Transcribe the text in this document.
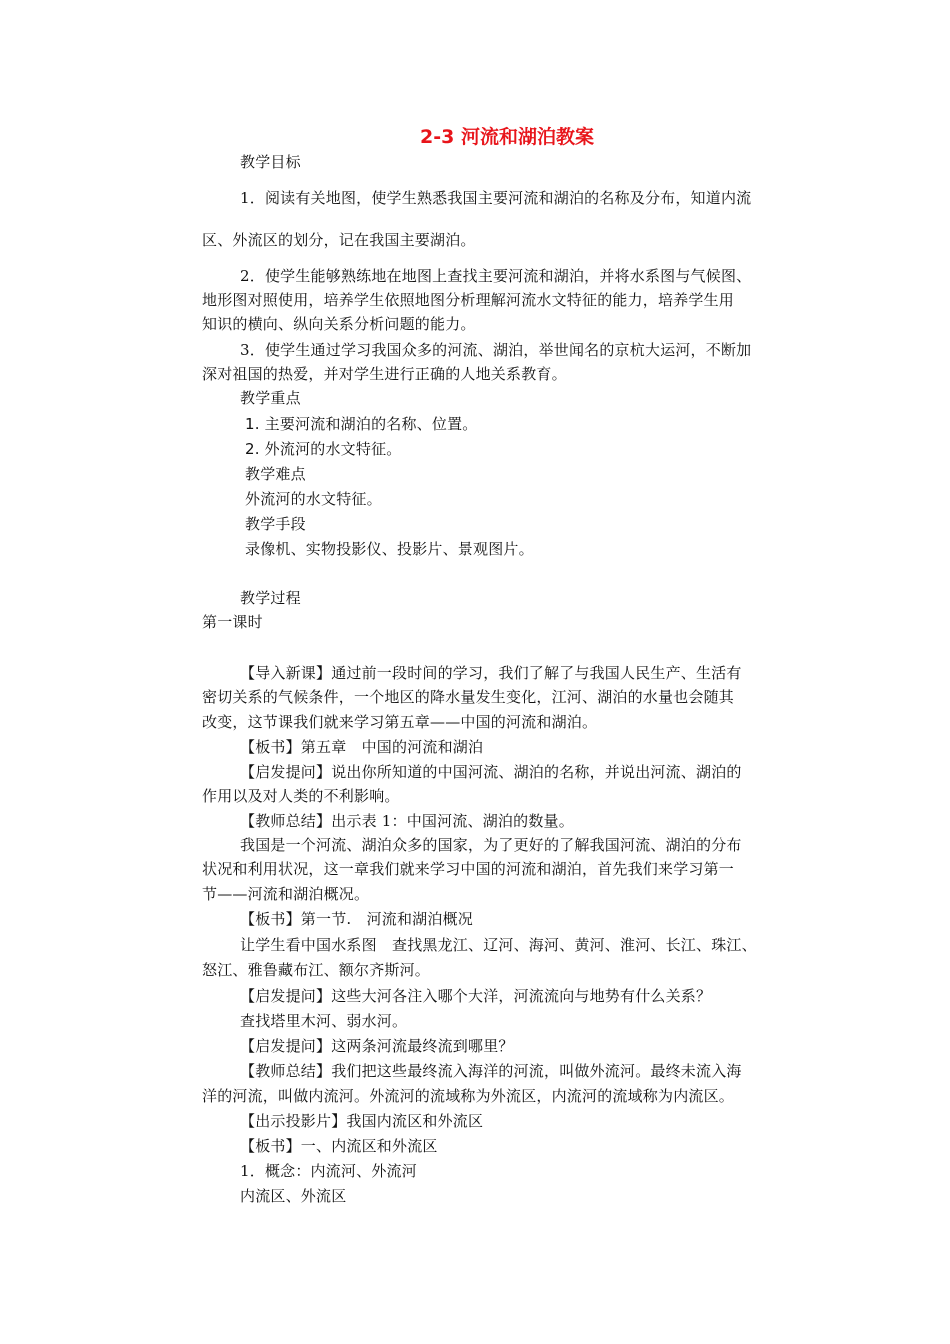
2-3 河流和湖泊教案
教学目标
1．阅读有关地图，使学生熟悉我国主要河流和湖泊的名称及分布，知道内流
区、外流区的划分，记在我国主要湖泊。
2．使学生能够熟练地在地图上查找主要河流和湖泊，并将水系图与气候图、
地形图对照使用，培养学生依照地图分析理解河流水文特征的能力，培养学生用
知识的横向、纵向关系分析问题的能力。
3．使学生通过学习我国众多的河流、湖泊，举世闻名的京杭大运河，不断加
深对祖国的热爱，并对学生进行正确的人地关系教育。
教学重点
1. 主要河流和湖泊的名称、位置。
2. 外流河的水文特征。
教学难点
外流河的水文特征。
教学手段
录像机、实物投影仪、投影片、景观图片。
教学过程
第一课时
【导入新课】通过前一段时间的学习，我们了解了与我国人民生产、生活有
密切关系的气候条件，一个地区的降水量发生变化，江河、湖泊的水量也会随其
改变，这节课我们就来学习第五章——中国的河流和湖泊。
【板书】第五章　中国的河流和湖泊
【启发提问】说出你所知道的中国河流、湖泊的名称，并说出河流、湖泊的
作用以及对人类的不利影响。
【教师总结】出示表 1：中国河流、湖泊的数量。
我国是一个河流、湖泊众多的国家，为了更好的了解我国河流、湖泊的分布
状况和利用状况，这一章我们就来学习中国的河流和湖泊，首先我们来学习第一
节——河流和湖泊概况。
【板书】第一节.　河流和湖泊概况
让学生看中国水系图　查找黑龙江、辽河、海河、黄河、淮河、长江、珠江、
怒江、雅鲁藏布江、额尔齐斯河。
【启发提问】这些大河各注入哪个大洋，河流流向与地势有什么关系？
查找塔里木河、弱水河。
【启发提问】这两条河流最终流到哪里？
【教师总结】我们把这些最终流入海洋的河流，叫做外流河。最终未流入海
洋的河流，叫做内流河。外流河的流域称为外流区，内流河的流域称为内流区。
【出示投影片】我国内流区和外流区
【板书】一、内流区和外流区
1．概念：内流河、外流河
内流区、外流区
